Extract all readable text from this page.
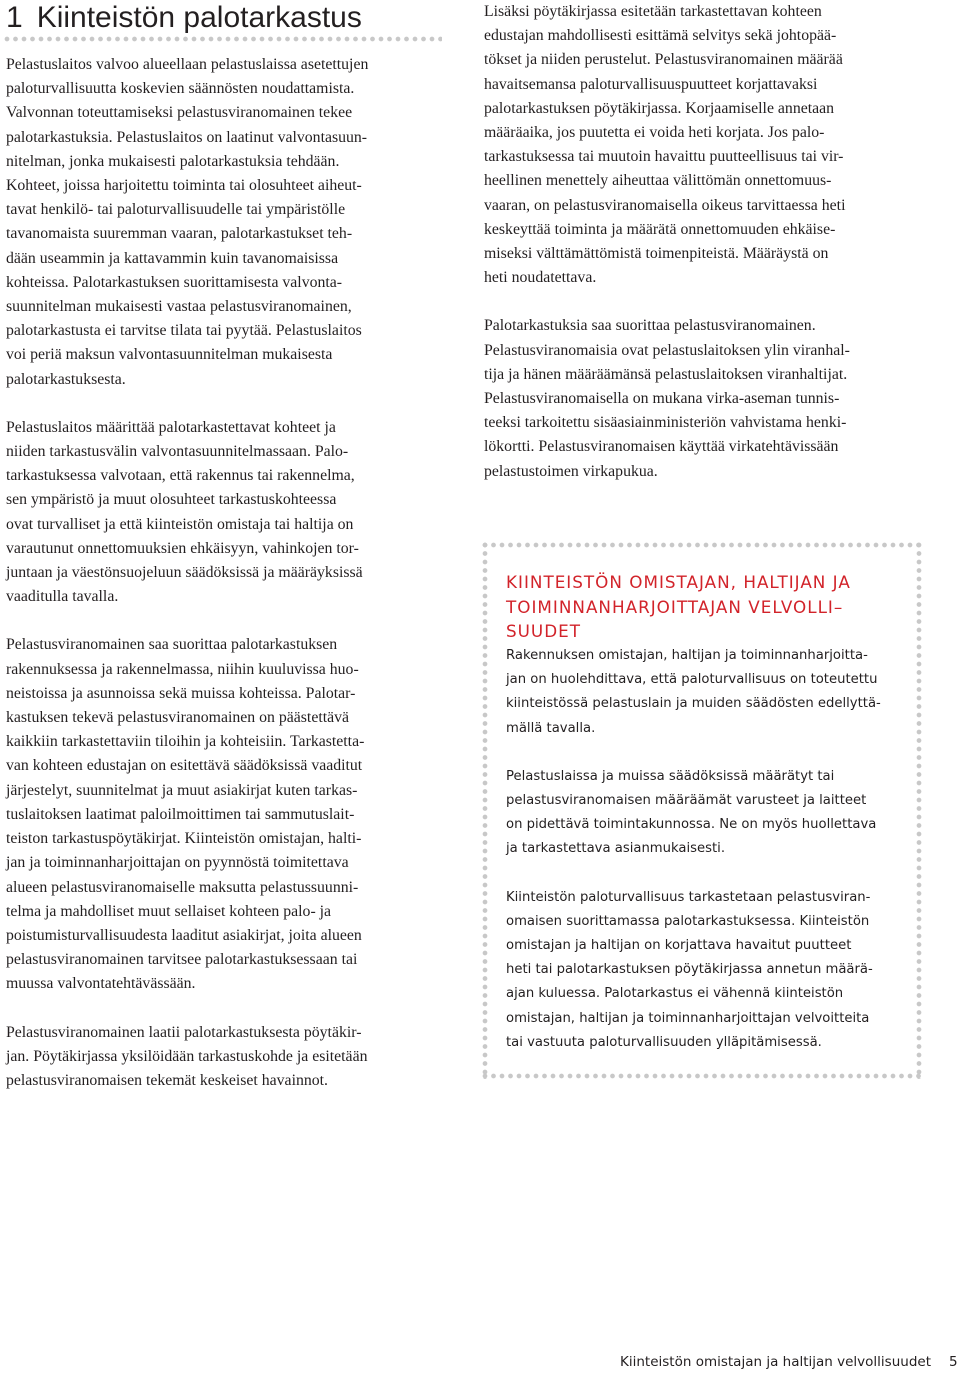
1 Kiinteistön palotarkastus

Pelastuslaitos valvoo alueellaan pelastuslaissa asetettujen
paloturvallisuutta koskevien säännösten noudattamista.
Valvonnan toteuttamiseksi pelastusviranomainen tekee
palotarkastuksia. Pelastuslaitos on laatinut valvontasuun-
nitelman, jonka mukaisesti palotarkastuksia tehdään.
Kohteet, joissa harjoitettu toiminta tai olosuhteet aiheut-
tavat henkilö- tai paloturvallisuudelle tai ympäristölle
tavanomaista suuremman vaaran, palotarkastukset teh-
dään useammin ja kattavammin kuin tavanomaisissa
kohteissa. Palotarkastuksen suorittamisesta valvonta-
suunnitelman mukaisesti vastaa pelastusviranomainen,
palotarkastusta ei tarvitse tilata tai pyytää. Pelastuslaitos
voi periä maksun valvontasuunnitelman mukaisesta
palotarkastuksesta.

Pelastuslaitos määrittää palotarkastettavat kohteet ja
niiden tarkastusvälin valvontasuunnitelmassaan. Palo-
tarkastuksessa valvotaan, että rakennus tai rakennelma,
sen ympäristö ja muut olosuhteet tarkastuskohteessa
ovat turvalliset ja että kiinteistön omistaja tai haltija on
varautunut onnettomuuksien ehkäisyyn, vahinkojen tor-
juntaan ja väestönsuojeluun säädöksissä ja määräyksissä
vaaditulla tavalla.

Pelastusviranomainen saa suorittaa palotarkastuksen
rakennuksessa ja rakennelmassa, niihin kuuluvissa huo-
neistoissa ja asunnoissa sekä muissa kohteissa. Palotar-
kastuksen tekevä pelastusviranomainen on päästettävä
kaikkiin tarkastettaviin tiloihin ja kohteisiin. Tarkastetta-
van kohteen edustajan on esitettävä säädöksissä vaaditut
järjestelyt, suunnitelmat ja muut asiakirjat kuten tarkas-
tuslaitoksen laatimat paloilmoittimen tai sammutuslait-
teiston tarkastuspöytäkirjat. Kiinteistön omistajan, halti-
jan ja toiminnanharjoittajan on pyynnöstä toimitettava
alueen pelastusviranomaiselle maksutta pelastussuunni-
telma ja mahdolliset muut sellaiset kohteen palo- ja
poistumisturvallisuudesta laaditut asiakirjat, joita alueen
pelastusviranomainen tarvitsee palotarkastuksessaan tai
muussa valvontatehtävässään.

Pelastusviranomainen laatii palotarkastuksesta pöytäkir-
jan. Pöytäkirjassa yksilöidään tarkastuskohde ja esitetään
pelastusviranomaisen tekemät keskeiset havainnot.

Lisäksi pöytäkirjassa esitetään tarkastettavan kohteen
edustajan mahdollisesti esittämä selvitys sekä johtopää-
tökset ja niiden perustelut. Pelastusviranomainen määrää
havaitsemansa paloturvallisuuspuutteet korjattavaksi
palotarkastuksen pöytäkirjassa. Korjaamiselle annetaan
määräaika, jos puutetta ei voida heti korjata. Jos palo-
tarkastuksessa tai muutoin havaittu puutteellisuus tai vir-
heellinen menettely aiheuttaa välittömän onnettomuus-
vaaran, on pelastusviranomaisella oikeus tarvittaessa heti
keskeyttää toiminta ja määrätä onnettomuuden ehkäise-
miseksi välttämättömistä toimenpiteistä. Määräystä on
heti noudatettava.

Palotarkastuksia saa suorittaa pelastusviranomainen.
Pelastusviranomaisia ovat pelastuslaitoksen ylin viranhal-
tija ja hänen määräämänsä pelastuslaitoksen viranhaltijat.
Pelastusviranomaisella on mukana virka-aseman tunnis-
teeksi tarkoitettu sisäasiainministeriön vahvistama henki-
lökortti. Pelastusviranomaisen käyttää virkatehtävissään
pelastustoimen virkapukua.

KIINTEISTÖN OMISTAJAN, HALTIJAN JA
TOIMINNANHARJOITTAJAN VELVOLLI–
SUUDET

Rakennuksen omistajan, haltijan ja toiminnanharjoitta-
jan on huolehdittava, että paloturvallisuus on toteutettu
kiinteistössä pelastuslain ja muiden säädösten edellyttä-
mällä tavalla.

Pelastuslaissa ja muissa säädöksissä määrätyt tai
pelastusviranomaisen määräämät varusteet ja laitteet
on pidettävä toimintakunnossa. Ne on myös huollettava
ja tarkastettava asianmukaisesti.

Kiinteistön paloturvallisuus tarkastetaan pelastusviran-
omaisen suorittamassa palotarkastuksessa. Kiinteistön
omistajan ja haltijan on korjattava havaitut puutteet
heti tai palotarkastuksen pöytäkirjassa annetun määrä-
ajan kuluessa. Palotarkastus ei vähennä kiinteistön
omistajan, haltijan ja toiminnanharjoittajan velvoitteita
tai vastuuta paloturvallisuuden ylläpitämisessä.

Kiinteistön omistajan ja haltijan velvollisuudet 5
